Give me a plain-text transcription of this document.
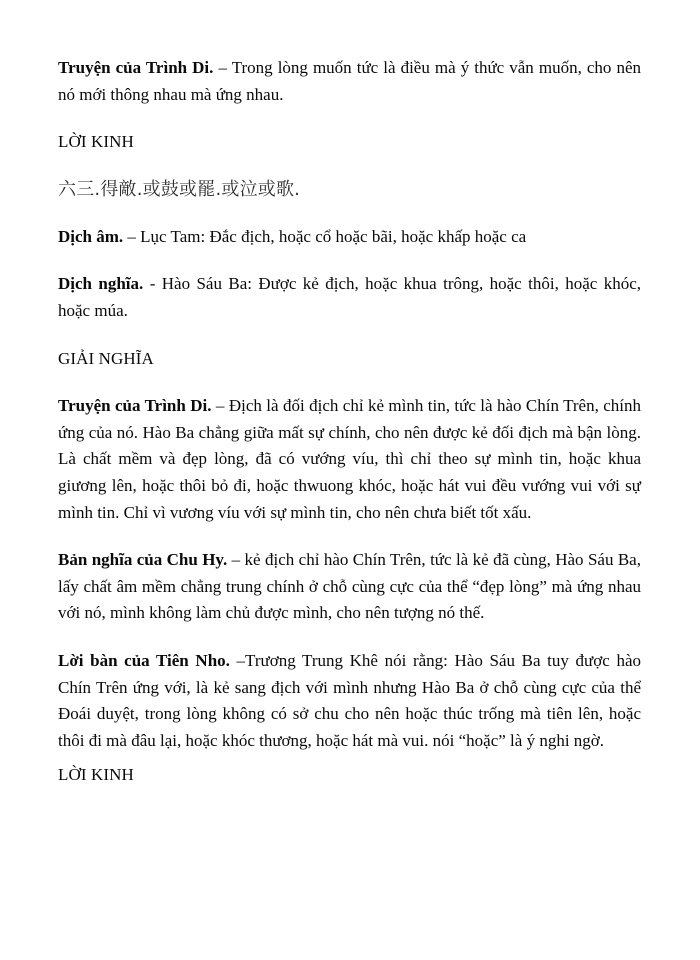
Truyện của Trình Di. – Trong lòng muốn tức là điều mà ý thức vẫn muốn, cho nên nó mới thông nhau mà ứng nhau.

LỜI KINH

六三.得敵.或鼓或罷.或泣或歌.

Dịch âm. – Lục Tam: Đắc địch, hoặc cổ hoặc bãi, hoặc khấp hoặc ca

Dịch nghĩa. - Hào Sáu Ba: Được kẻ địch, hoặc khua trông, hoặc thôi, hoặc khóc, hoặc múa.

GIẢI NGHĨA

Truyện của Trình Di. – Địch là đối địch chỉ kẻ mình tin, tức là hào Chín Trên, chính ứng của nó. Hào Ba chẳng giữa mất sự chính, cho nên được kẻ đối địch mà bận lòng. Là chất mềm và đẹp lòng, đã có vướng víu, thì chỉ theo sự mình tin, hoặc khua giương lên, hoặc thôi bỏ đi, hoặc thwuong khóc, hoặc hát vui đều vướng vui với sự mình tin. Chỉ vì vương víu với sự mình tin, cho nên chưa biết tốt xấu.

Bản nghĩa của Chu Hy. – kẻ địch chỉ hào Chín Trên, tức là kẻ đã cùng, Hào Sáu Ba, lấy chất âm mềm chẳng trung chính ở chỗ cùng cực của thể “đẹp lòng” mà ứng nhau với nó, mình không làm chủ được mình, cho nên tượng nó thế.

Lời bàn của Tiên Nho. –Trương Trung Khê nói rằng: Hào Sáu Ba tuy được hào Chín Trên ứng với, là kẻ sang địch với mình nhưng Hào Ba ở chỗ cùng cực của thể Đoái duyệt, trong lòng không có sở chu cho nên hoặc thúc trống mà tiên lên, hoặc thôi đi mà đâu lại, hoặc khóc thương, hoặc hát mà vui. nói “hoặc” là ý nghi ngờ.

LỜI KINH
